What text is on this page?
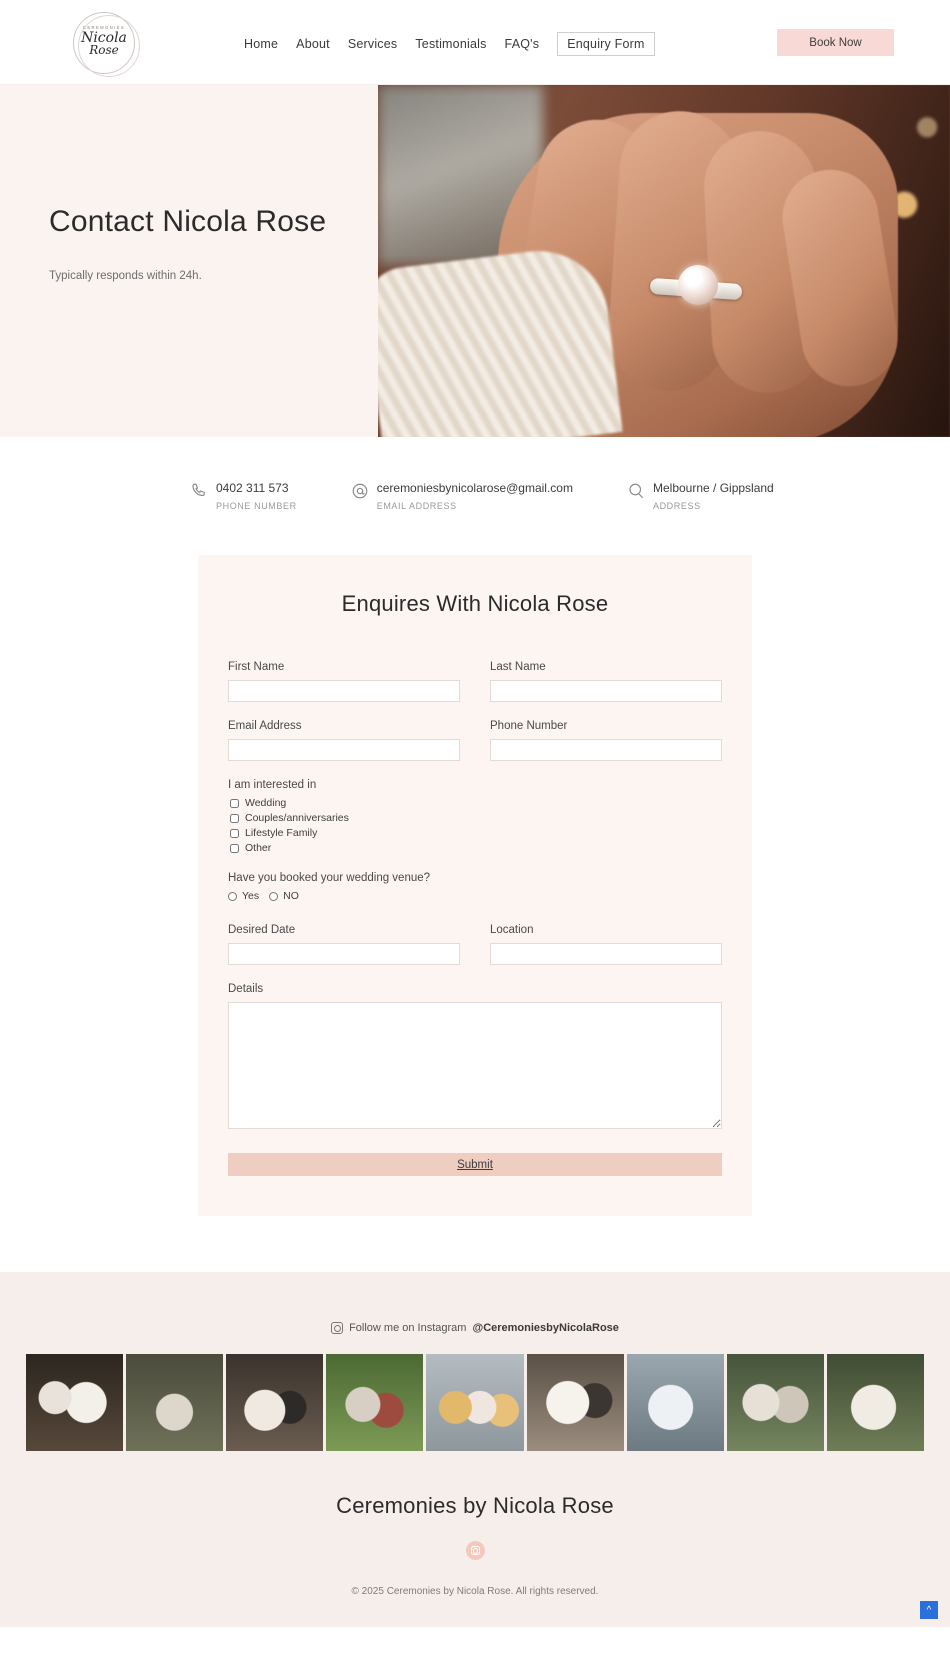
CEREMONIES
Nicola
Rose	Home About Services Testimonials FAQ's	Enquiry Form	Book Now
Contact Nicola Rose
Typically responds within 24h.
0402 311 573
PHONE NUMBER
ceremoniesbynicolarose@gmail.com
EMAIL ADDRESS
Melbourne / Gippsland
ADDRESS
Enquires With Nicola Rose
First Name	Last Name
Email Address	Phone Number
I am interested in
Wedding
Couples/anniversaries
Lifestyle Family
Other
Have you booked your wedding venue?
Yes NO
Desired Date	Location
Details
Submit
Follow me on Instagram @CeremoniesbyNicolaRose
Ceremonies by Nicola Rose
© 2025 Ceremonies by Nicola Rose. All rights reserved.
^
